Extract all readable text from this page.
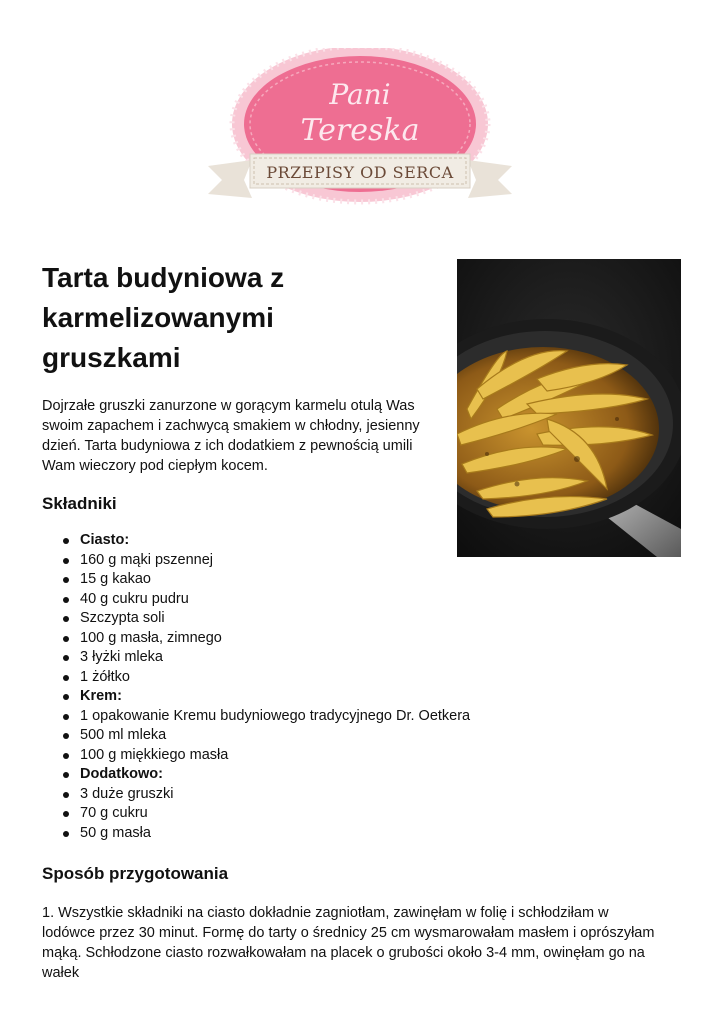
Pani
Tereska
PRZEPISY OD SERCA
Tarta budyniowa z
karmelizowanymi
gruszkami

Dojrzałe gruszki zanurzone w gorącym karmelu otulą Was
swoim zapachem i zachwycą smakiem w chłodny, jesienny
dzień. Tarta budyniowa z ich dodatkiem z pewnością umili
Wam wieczory pod ciepłym kocem.

Składniki
Ciasto:
160 g mąki pszennej
15 g kakao
40 g cukru pudru
Szczypta soli
100 g masła, zimnego
3 łyżki mleka
1 żółtko
Krem:
1 opakowanie Kremu budyniowego tradycyjnego Dr. Oetkera
500 ml mleka
100 g miękkiego masła
Dodatkowo:
3 duże gruszki
70 g cukru
50 g masła
Sposób przygotowania

1. Wszystkie składniki na ciasto dokładnie zagniotłam, zawinęłam w folię i schłodziłam w
lodówce przez 30 minut. Formę do tarty o średnicy 25 cm wysmarowałam masłem i oprószyłam
mąką. Schłodzone ciasto rozwałkowałam na placek o grubości około 3-4 mm, owinęłam go na
wałek
